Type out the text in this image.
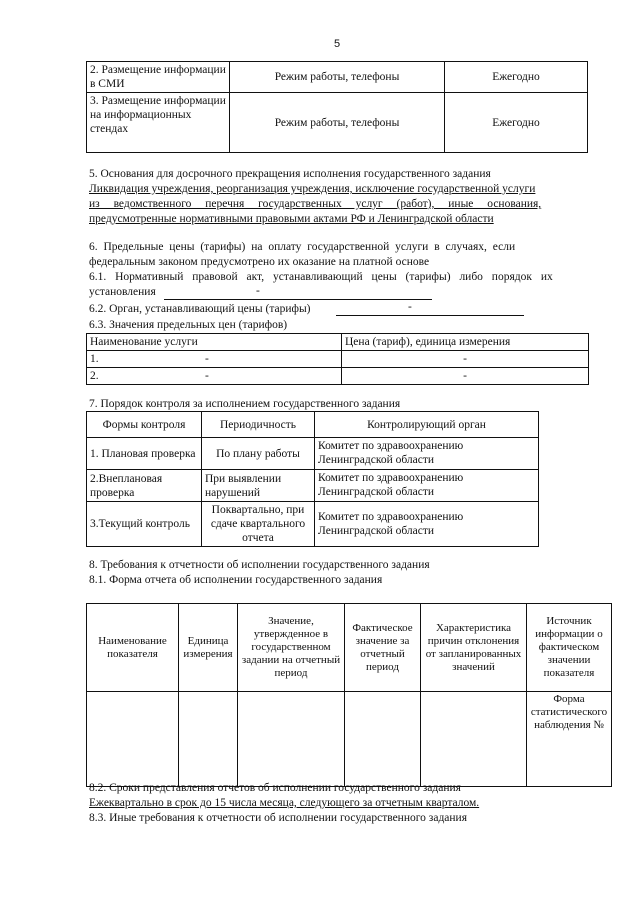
5
2. Размещение информации в СМИ	Режим работы, телефоны	Ежегодно
3. Размещение информации на информационных стендах	Режим работы, телефоны	Ежегодно
5. Основания для досрочного прекращения исполнения государственного задания
Ликвидация учреждения, реорганизация учреждения, исключение государственной услуги
из ведомственного перечня государственных услуг (работ), иные основания,
предусмотренные нормативными правовыми актами РФ и Ленинградской области
6. Предельные цены (тарифы) на оплату государственной услуги в случаях, если
федеральным законом предусмотрено их оказание на платной основе
6.1. Нормативный правовой акт, устанавливающий цены (тарифы) либо порядок их
установления	-
6.2. Орган, устанавливающий цены (тарифы)	-
6.3. Значения предельных цен (тарифов)
Наименование услуги	Цена (тариф), единица измерения
1. -	-
2. -	-
7. Порядок контроля за исполнением государственного задания
Формы контроля	Периодичность	Контролирующий орган
1. Плановая проверка	По плану работы	Комитет по здравоохранению Ленинградской области
2.Внеплановая проверка	При выявлении нарушений	Комитет по здравоохранению Ленинградской области
3.Текущий контроль	Поквартально, при сдаче квартального отчета	Комитет по здравоохранению Ленинградской области
8. Требования к отчетности об исполнении государственного задания
8.1. Форма отчета об исполнении государственного задания
Наименование показателя	Единица измерения	Значение, утвержденное в государственном задании на отчетный период	Фактическое значение за отчетный период	Характеристика причин отклонения от запланированных значений	Источник информации о фактическом значении показателя
					Форма статистического наблюдения №
8.2. Сроки представления отчетов об исполнении государственного задания
Ежеквартально в срок до 15 числа месяца, следующего за отчетным кварталом.
8.3. Иные требования к отчетности об исполнении государственного задания
